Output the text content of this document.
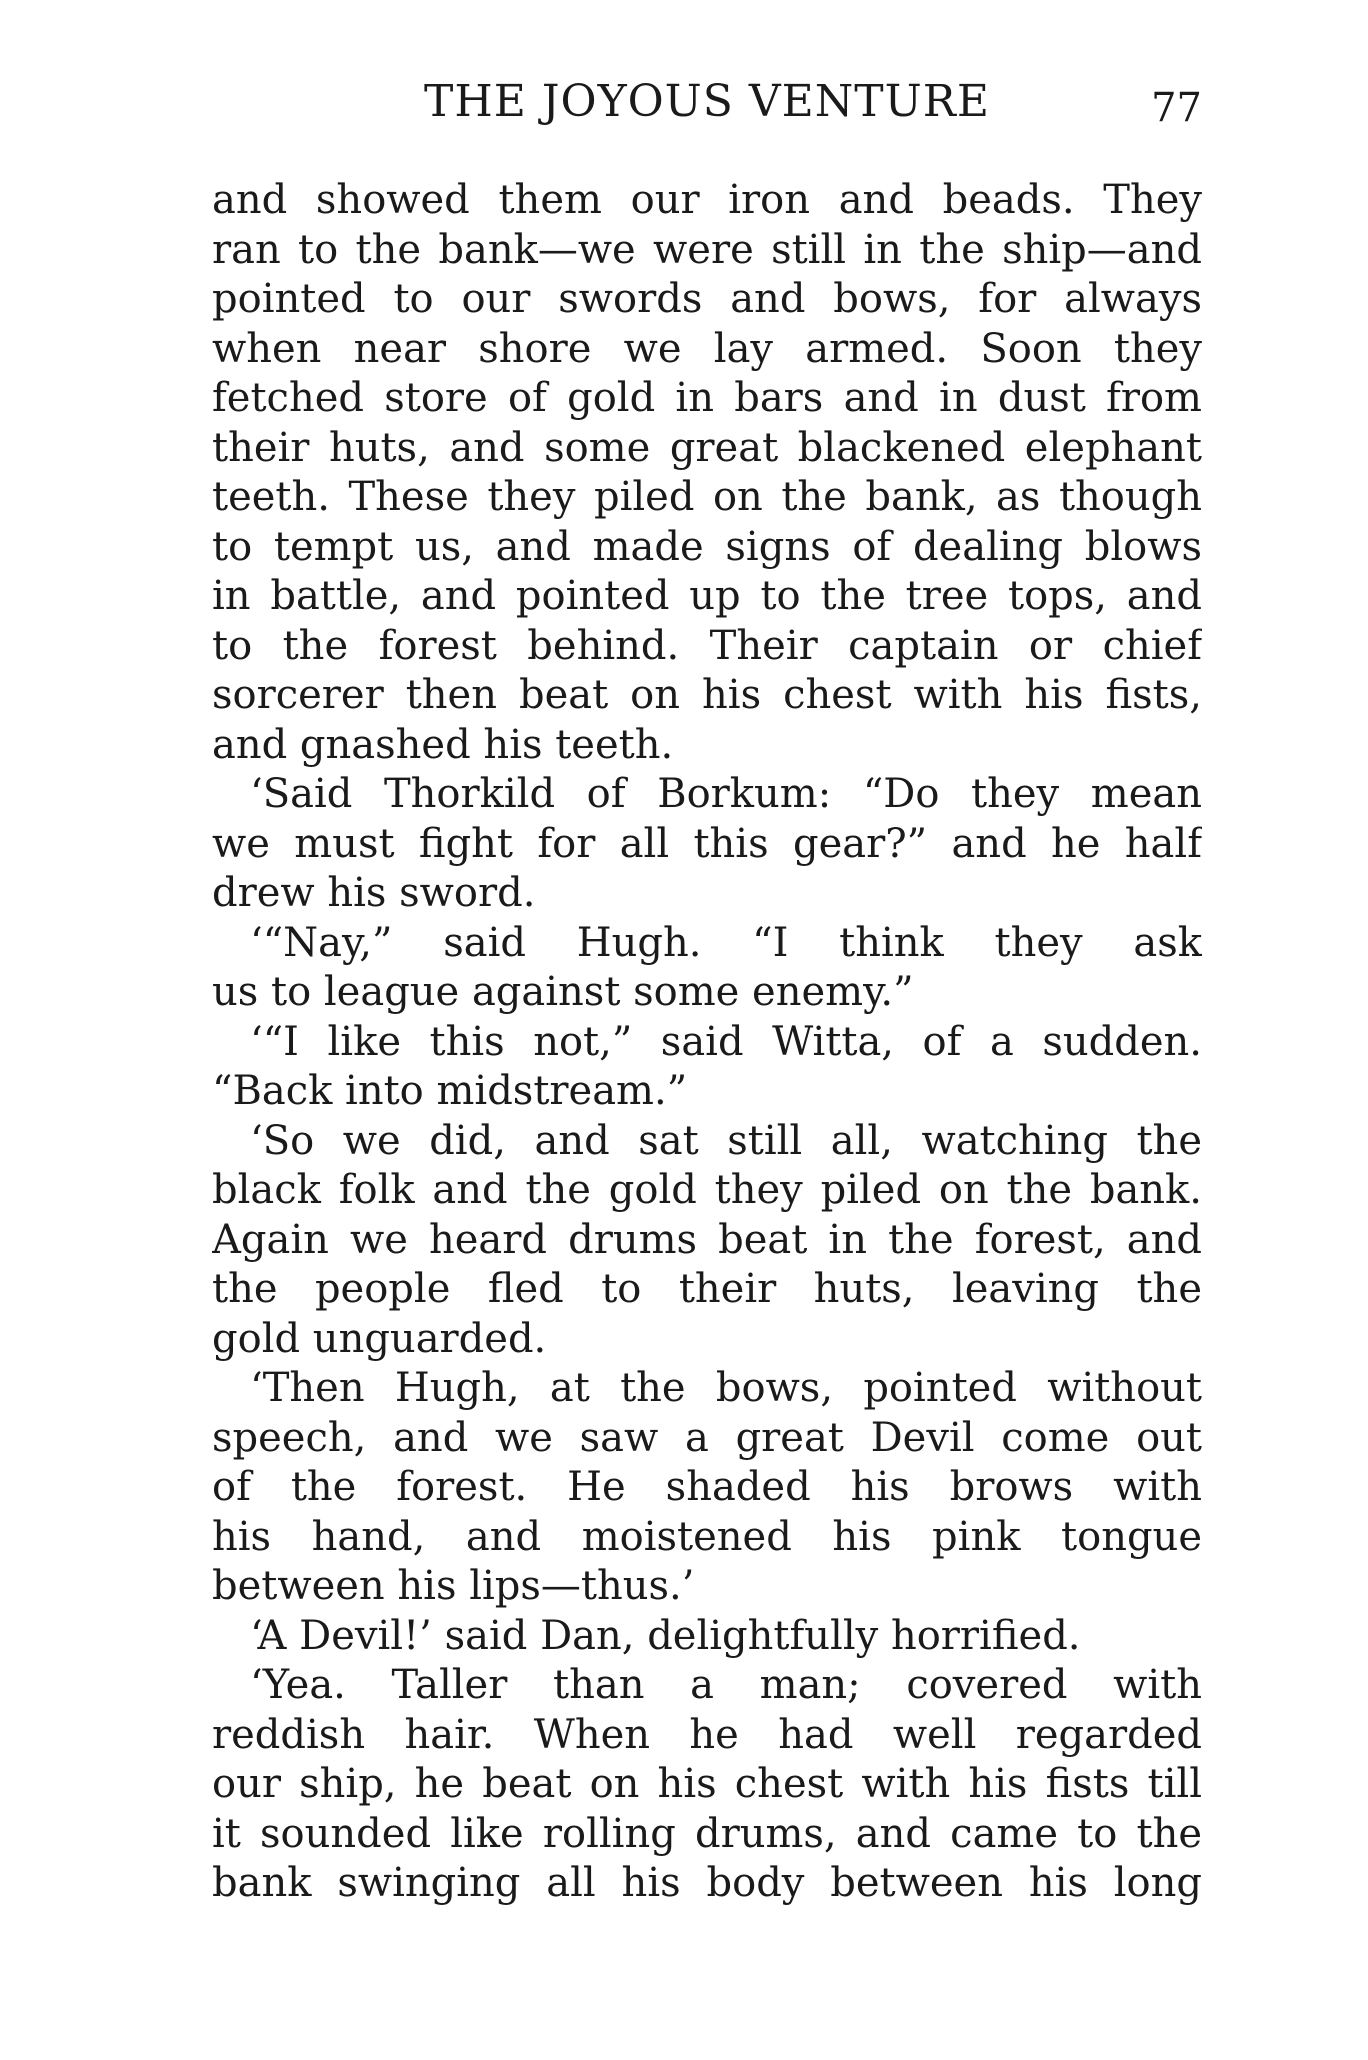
THE JOYOUS VENTURE	77
and showed them our iron and beads. They
ran to the bank—we were still in the ship—and
pointed to our swords and bows, for always
when near shore we lay armed. Soon they
fetched store of gold in bars and in dust from
their huts, and some great blackened elephant
teeth. These they piled on the bank, as though
to tempt us, and made signs of dealing blows
in battle, and pointed up to the tree tops, and
to the forest behind. Their captain or chief
sorcerer then beat on his chest with his fists,
and gnashed his teeth.
‘Said Thorkild of Borkum: “Do they mean
we must fight for all this gear?” and he half
drew his sword.
‘“Nay,” said Hugh. “I think they ask
us to league against some enemy.”
‘“I like this not,” said Witta, of a sudden.
“Back into midstream.”
‘So we did, and sat still all, watching the
black folk and the gold they piled on the bank.
Again we heard drums beat in the forest, and
the people fled to their huts, leaving the
gold unguarded.
‘Then Hugh, at the bows, pointed without
speech, and we saw a great Devil come out
of the forest. He shaded his brows with
his hand, and moistened his pink tongue
between his lips—thus.’
‘A Devil!’ said Dan, delightfully horrified.
‘Yea. Taller than a man; covered with
reddish hair. When he had well regarded
our ship, he beat on his chest with his fists till
it sounded like rolling drums, and came to the
bank swinging all his body between his long
